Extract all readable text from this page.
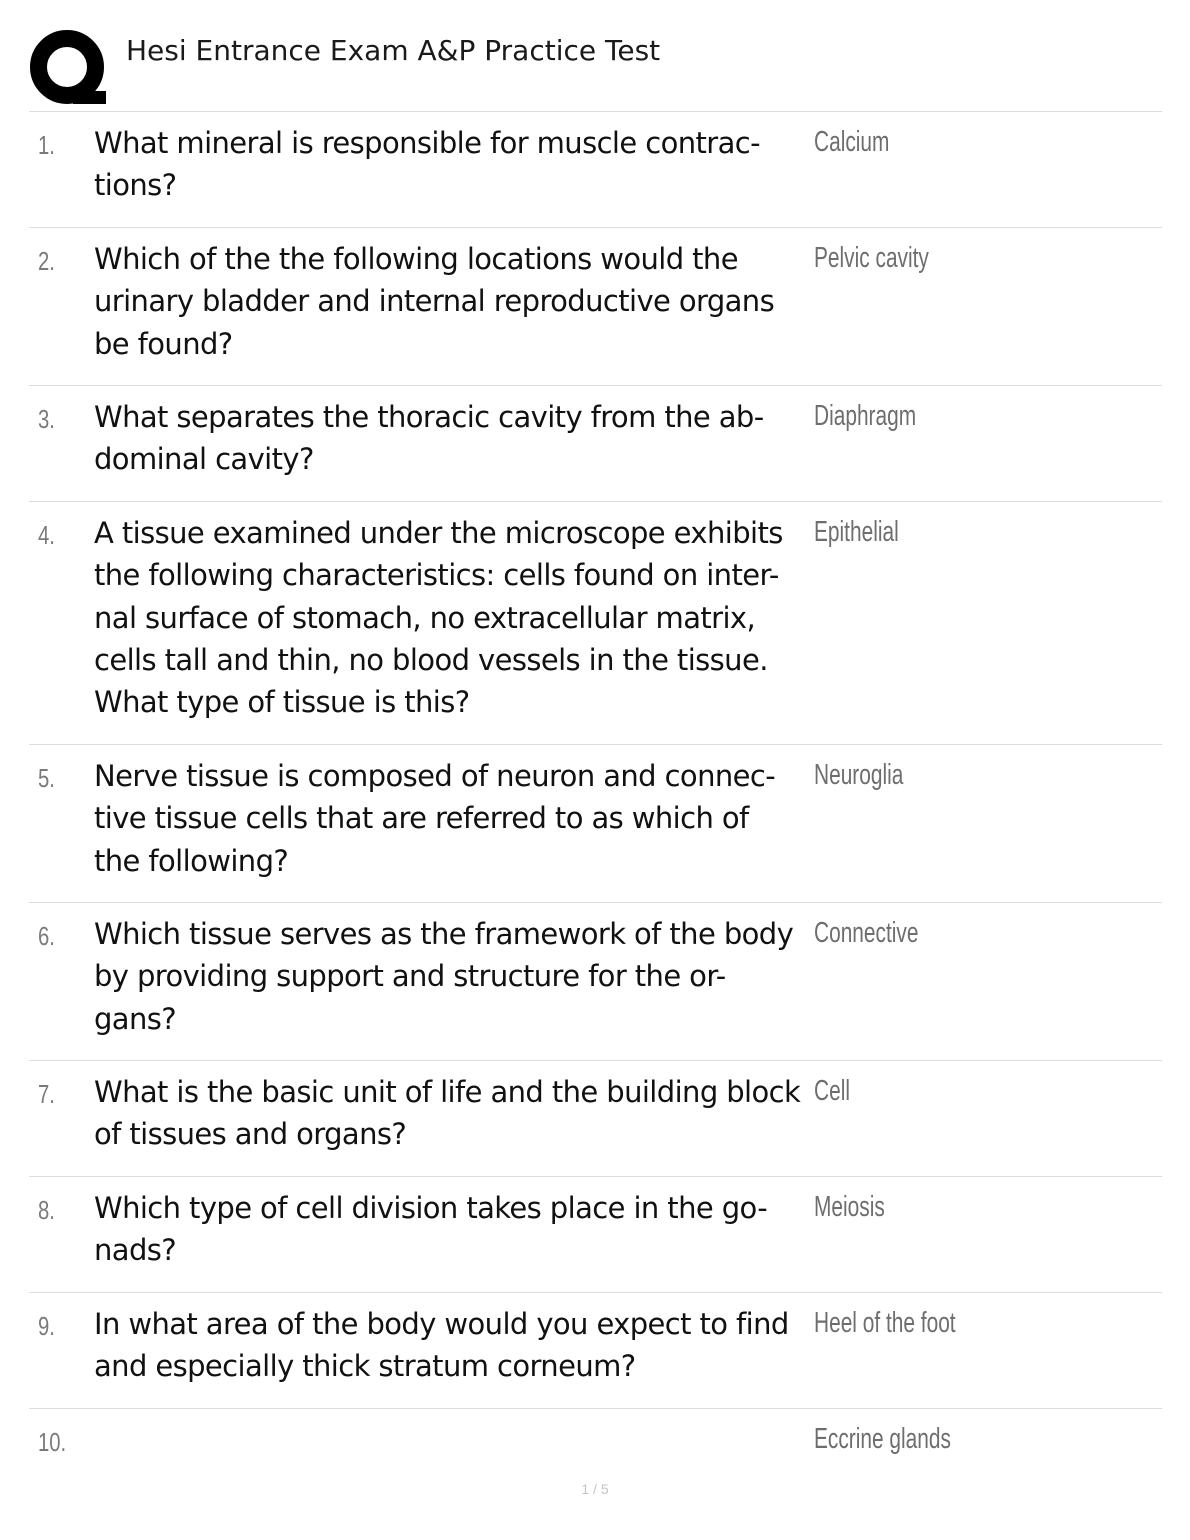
Hesi Entrance Exam A&P Practice Test
1. What mineral is responsible for muscle contrac-
tions?
Calcium
2. Which of the the following locations would the
urinary bladder and internal reproductive organs
be found?
Pelvic cavity
3. What separates the thoracic cavity from the ab-
dominal cavity?
Diaphragm
4. A tissue examined under the microscope exhibits
the following characteristics: cells found on inter-
nal surface of stomach, no extracellular matrix,
cells tall and thin, no blood vessels in the tissue.
What type of tissue is this?
Epithelial
5. Nerve tissue is composed of neuron and connec-
tive tissue cells that are referred to as which of
the following?
Neuroglia
6. Which tissue serves as the framework of the body
by providing support and structure for the or-
gans?
Connective
7. What is the basic unit of life and the building block
of tissues and organs?
Cell
8. Which type of cell division takes place in the go-
nads?
Meiosis
9. In what area of the body would you expect to find
and especially thick stratum corneum?
Heel of the foot
10.	Eccrine glands
1 / 5
